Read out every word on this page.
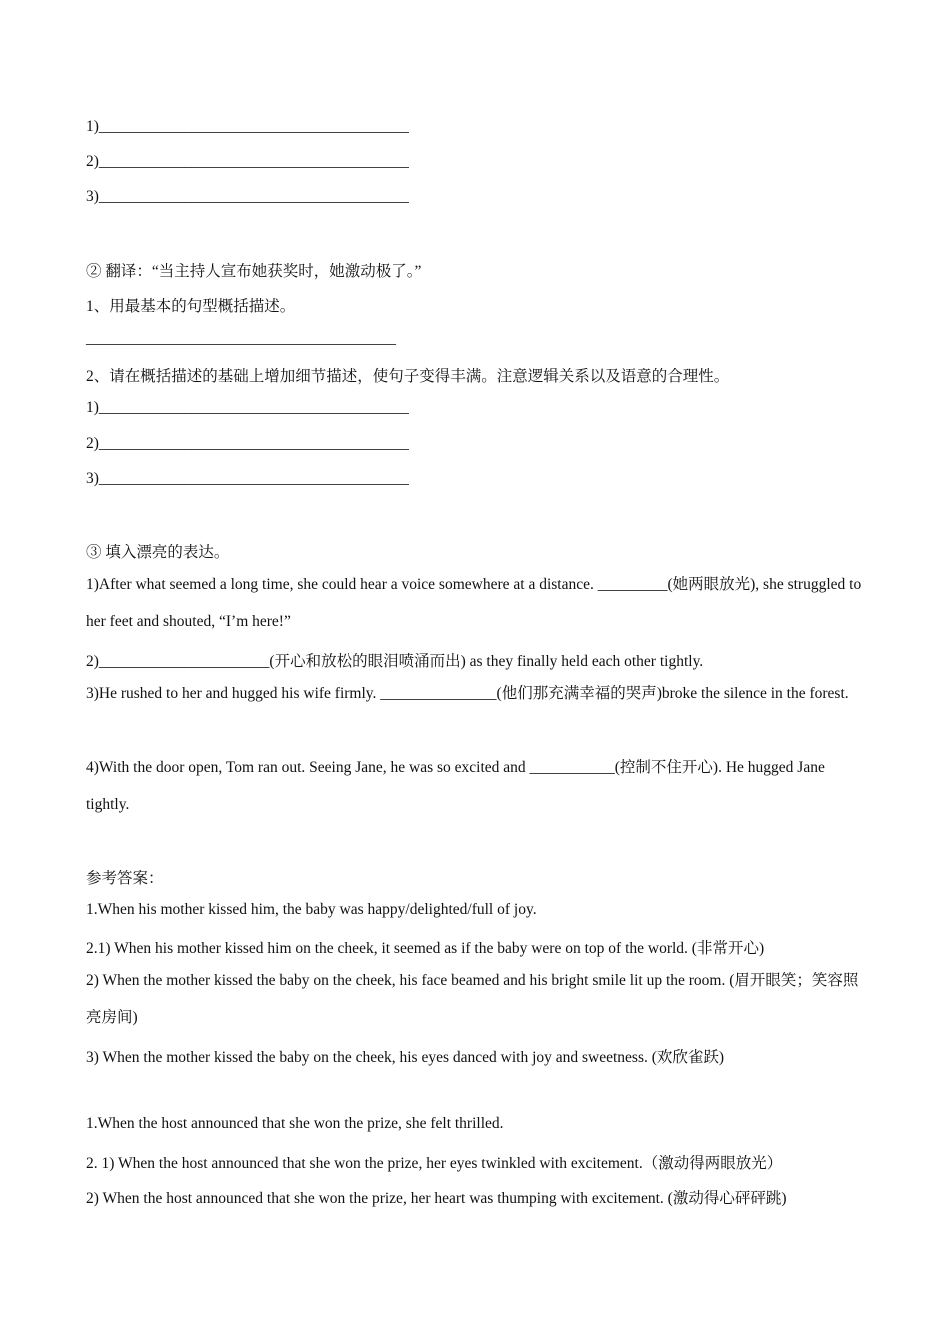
1)________________________________________
2)________________________________________
3)________________________________________
② 翻译：“当主持人宣布她获奖时，她激动极了。”
1、用最基本的句型概括描述。
________________________________________
2、请在概括描述的基础上增加细节描述，使句子变得丰满。注意逻辑关系以及语意的合理性。
1)________________________________________
2)________________________________________
3)________________________________________
③ 填入漂亮的表达。
1)After what seemed a long time, she could hear a voice somewhere at a distance. _________(她两眼放光), she struggled to her feet and shouted, “I’m here!”
2)______________________(开心和放松的眼泪喷涌而出) as they finally held each other tightly.
3)He rushed to her and hugged his wife firmly. _______________(他们那充满幸福的哭声)broke the silence in the forest.
4)With the door open, Tom ran out. Seeing Jane, he was so excited and ___________(控制不住开心). He hugged Jane tightly.
参考答案：
1.When his mother kissed him, the baby was happy/delighted/full of joy.
2.1) When his mother kissed him on the cheek, it seemed as if the baby were on top of the world. (非常开心)
2) When the mother kissed the baby on the cheek, his face beamed and his bright smile lit up the room. (眉开眼笑；笑容照亮房间)
3) When the mother kissed the baby on the cheek, his eyes danced with joy and sweetness. (欢欣雀跃)
1.When the host announced that she won the prize, she felt thrilled.
2. 1) When the host announced that she won the prize, her eyes twinkled with excitement.（激动得两眼放光）
2) When the host announced that she won the prize, her heart was thumping with excitement. (激动得心砰砰跳)
